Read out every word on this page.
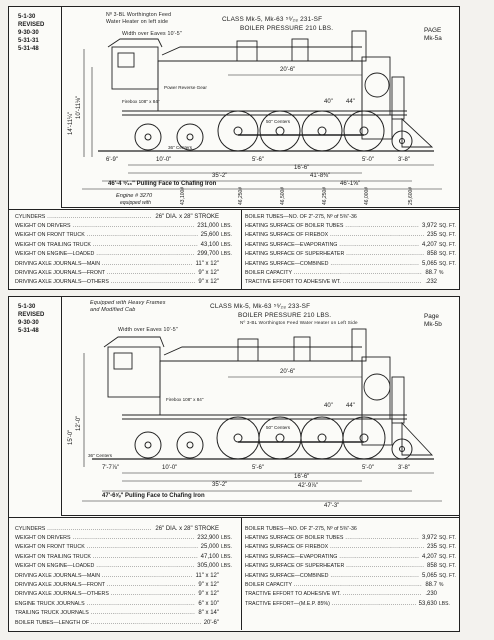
5-1-30
REVISED
9-30-30
5-31-31
5-31-48
Nº 3-BL Worthington Feed
Water Heater on left side	CLASS Mk-5, Mk-63 ⁵⁶⁄₂₈ 231-SF
BOILER PRESSURE 210 LBS.
Width over Eaves 10'-5"
Power Reverse Gear
Firebox 108" x 84"
36" Centers
50" Centers
20'-6"
40" 44"
10'-0"
6'-9"	5'-6"	5'-0"	3'-8"
16'-6"
35'-2"	41'-8⅜"
46'-1⅝"
46'-4 ⁹⁄₁₆" Pulling Face to Chafing Iron
14'-11¼"
10'-11⅛"
Engine # 3270
equipped with	43,100#	46,250#	46,500#	46,250#	46,000#	25,600#
PAGE
Mk-5a
CYLINDERS .....	26" DIA. x 28" STROKE
WEIGHT ON DRIVERS .....	231,000 LBS.
WEIGHT ON FRONT TRUCK .....	25,600 LBS.
WEIGHT ON TRAILING TRUCK .....	43,100 LBS.
WEIGHT ON ENGINE—LOADED .....	299,700 LBS.
DRIVING AXLE JOURNALS—MAIN .....	11" x 12"
DRIVING AXLE JOURNALS—FRONT .....	9" x 12"
DRIVING AXLE JOURNALS—OTHERS .....	9" x 12"
BOILER TUBES—NO. OF 2"-275, Nº of 5⅜"-36
HEATING SURFACE OF BOILER TUBES .....	3,972 SQ. FT.
HEATING SURFACE OF FIREBOX .....	235 SQ. FT.
HEATING SURFACE—EVAPORATING .....	4,207 SQ. FT.
HEATING SURFACE OF SUPERHEATER .....	858 SQ. FT.
HEATING SURFACE—COMBINED .....	5,065 SQ. FT.
BOILER CAPACITY .....	88.7 %
TRACTIVE EFFORT TO ADHESIVE WT. .....	.232
5-1-30
REVISED
9-30-30
5-31-48
Equipped with Heavy Frames
and Modified Cab	CLASS Mk-5, Mk-63 ⁵⁶⁄₂₈ 233-SF
BOILER PRESSURE 210 LBS.
Nº 3-BL Worthington Feed Water Heater on Left Side
Width over Eaves 10'-5"
Firebox 108" x 84"
36" Centers
50" Centers
20'-6"
40" 44"
7'-7⅞"	10'-0"	5'-6"	5'-0"	3'-8"
16'-6"
35'-2"	42'-9⅞"
47'-6⅝" Pulling Face to Chafing Iron
47'-3"
15'-0"
12'-0"
Page
Mk-5b
CYLINDERS .....	26" DIA. x 28" STROKE
WEIGHT ON DRIVERS .....	232,900 LBS.
WEIGHT ON FRONT TRUCK .....	25,000 LBS.
WEIGHT ON TRAILING TRUCK .....	47,100 LBS.
WEIGHT ON ENGINE—LOADED .....	305,000 LBS.
DRIVING AXLE JOURNALS—MAIN .....	11" x 12"
DRIVING AXLE JOURNALS—FRONT .....	9" x 12"
DRIVING AXLE JOURNALS—OTHERS .....	9" x 12"
ENGINE TRUCK JOURNALS .....	6" x 10"
TRAILING TRUCK JOURNALS .....	8" x 14"
BOILER TUBES—LENGTH OF .....	20'-6"
BOILER TUBES—NO. OF 2"-275, Nº of 5⅜"-36
HEATING SURFACE OF BOILER TUBES .....	3,972 SQ. FT.
HEATING SURFACE OF FIREBOX .....	235 SQ. FT.
HEATING SURFACE—EVAPORATING .....	4,207 SQ. FT.
HEATING SURFACE OF SUPERHEATER .....	858 SQ. FT.
HEATING SURFACE—COMBINED .....	5,065 SQ. FT.
BOILER CAPACITY .....	88.7 %
TRACTIVE EFFORT TO ADHESIVE WT. .....	.230
TRACTIVE EFFORT—(M.E.P. 85%) .....	53,630 LBS.
